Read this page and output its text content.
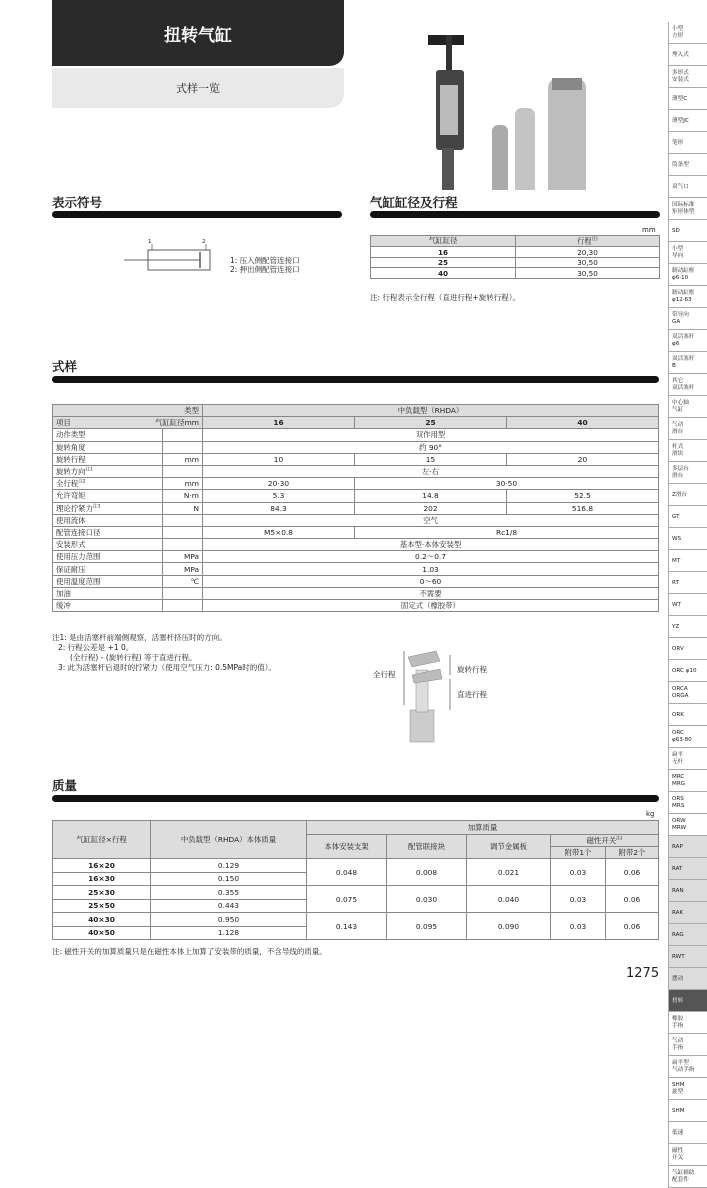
扭转气缸
式样一览
表示符号
1	2
1: 压入侧配管连接口
2: 押出侧配管连接口
气缸缸径及行程
mm
气缸缸径	行程$^{注)}$
16	20,30
25	30,50
40	30,50
注: 行程表示全行程（直进行程+旋转行程）。
式样
类型		中负载型（RHDA）		
项目 气缸缸径mm		16	25	40
动作类型		双作用型		
旋转角度		约 90°		
旋转行程	mm	10	15	20
旋转方向$^{注1}$		左·右		
全行程$^{注2}$	mm	20·30	30·50	
允许弯矩	N·m	5.3	14.8	52.5
理论拧紧力$^{注3}$	N	84.3	202	516.8
使用流体		空气		
配管连接口径		M5×0.8	Rc1/8	
安装形式		基本型·本体安装型		
使用压力范围	MPa	0.2～0.7		
保证耐压	MPa	1.03		
使用温度范围	℃	0～60		
加油		不需要		
缓冲		固定式（橡胶带）		
注1: 是由活塞杆前端侧观察，活塞杆挤压时的方向。
2: 行程公差是 +1 0。
(全行程) - (旋转行程) 等于直进行程。
3: 此为活塞杆后退时的拧紧力（使用空气压力: 0.5MPa时的值）。
全行程
旋转行程
直进行程
质量
kg
气缸缸径×行程	中负载型（RHDA）本体质量	加算质量				
		本体安装支架	配管联接块	调节金属板	磁性开关$^{注)}$
					附带1个	附带2个
16×20	0.129	0.048	0.008	0.021	0.03	0.06
16×30	0.150					
25×30	0.355	0.075	0.030	0.040	0.03	0.06
25×50	0.443					
40×30	0.950	0.143	0.095	0.090	0.03	0.06
40×50	1.128					
注: 磁性开关的加算质量只是在磁性本体上加算了安装带的质量，不含导线的质量。
1275
小型
方形
埋入式
多形式
安装式
薄型C
薄型JC
笔形
筒条型
双气口
国际标准
矩形体型
SD
小型
导向
制动缸框
φ6·10
制动缸框
φ12·63
带导向
GA
双活塞杆
φ6
双活塞杆
B
其它
双活塞杆
中心轴
气缸
气动
滑台
杆式
滑块
多层台
滑台
Z滑台
GT
WS
MT
RT
WT
YZ
ORV
ORC φ10
ORCA
ORGA
ORK
ORC
φ63·80
扁平
无杆
MRC
MRG
ORS
MRS
ORW
MRW
RAP
RAT
RAN
RAK
RAG
RWT
摆动
扭转
橡胶
手指
气动
手指
扁平型
气动手指
SHM
旋型
SHM
低速
磁性
开关
气缸辅助
配套件
